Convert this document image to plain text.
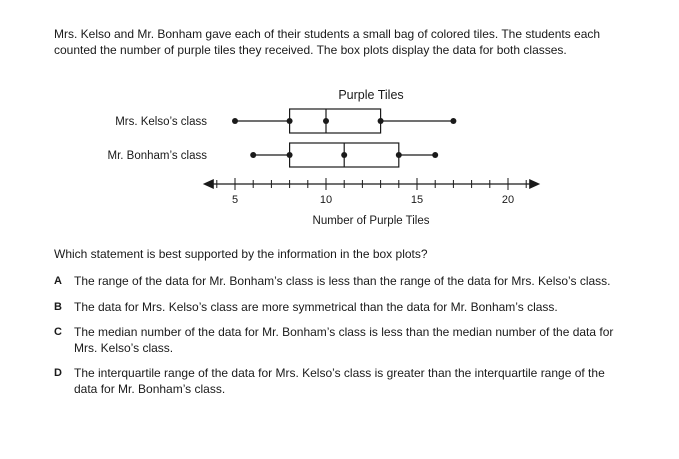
Mrs. Kelso and Mr. Bonham gave each of their students a small bag of colored tiles. The students each counted the number of purple tiles they received. The box plots display the data for both classes.

Purple Tiles
Number of Purple Tiles
5	10	15	20
Mrs. Kelso’s class
Mr. Bonham’s class

Which statement is best supported by the information in the box plots?

A The range of the data for Mr. Bonham’s class is less than the range of the data for Mrs. Kelso’s class.
B The data for Mrs. Kelso’s class are more symmetrical than the data for Mr. Bonham’s class.
C The median number of the data for Mr. Bonham’s class is less than the median number of the data for Mrs. Kelso’s class.
D The interquartile range of the data for Mrs. Kelso’s class is greater than the interquartile range of the data for Mr. Bonham’s class.
